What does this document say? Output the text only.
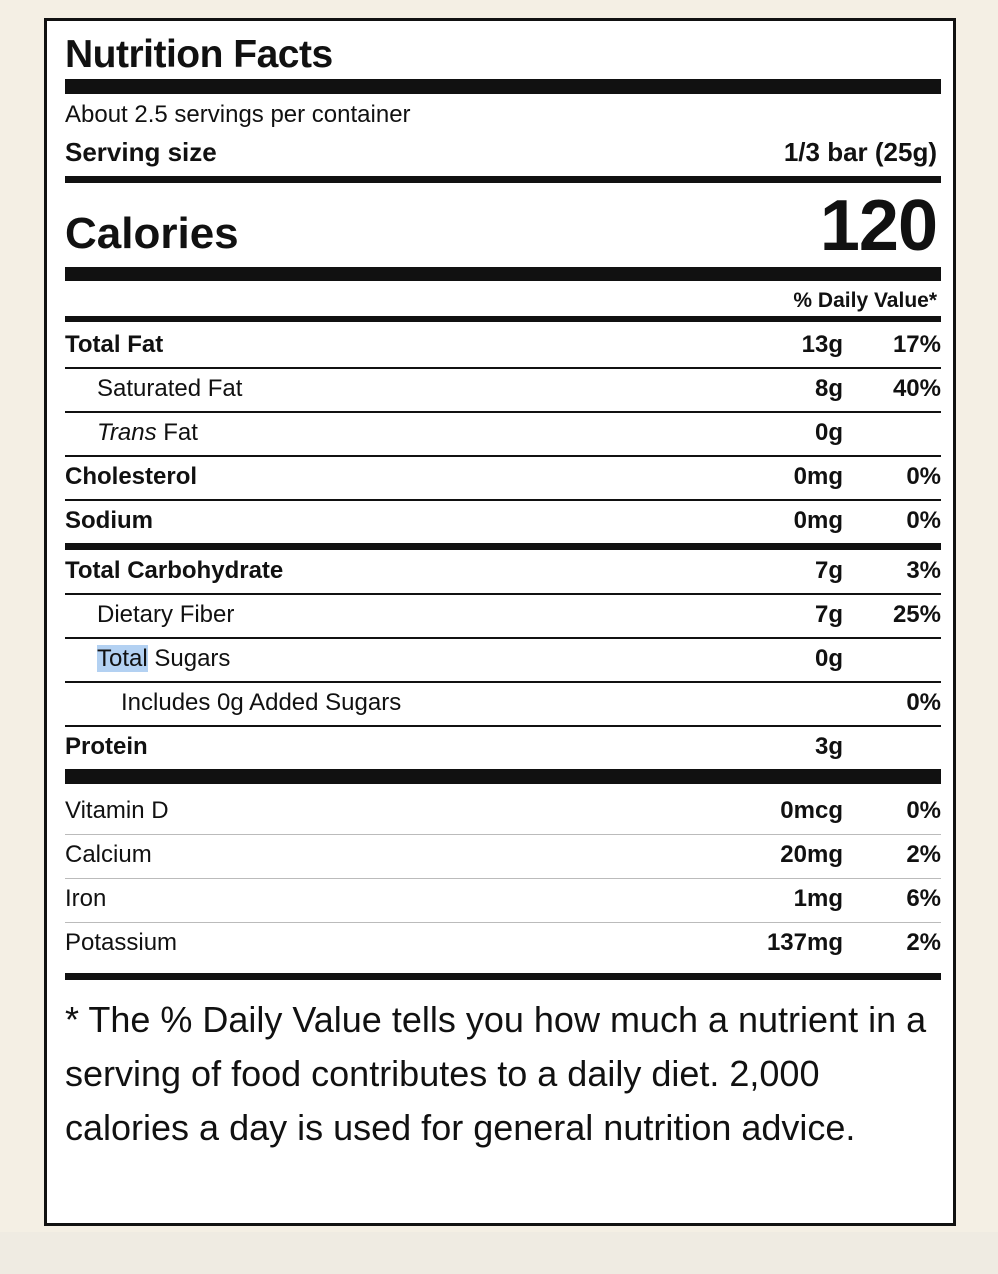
Nutrition Facts
About 2.5 servings per container
Serving size	1/3 bar (25g)
Calories	120
% Daily Value*
Total Fat	13g 17%
Saturated Fat	8g 40%
Trans Fat	0g
Cholesterol	0mg	0%
Sodium	0mg	0%
Total Carbohydrate	7g	3%
Dietary Fiber	7g 25%
Total Sugars	0g
Includes 0g Added Sugars	0%
Protein	3g
Vitamin D	0mcg	0%
Calcium	20mg	2%
Iron	1mg	6%
Potassium	137mg	2%
* The % Daily Value tells you how much a nutrient in a serving of food contributes to a daily diet. 2,000 calories a day is used for general nutrition advice.
